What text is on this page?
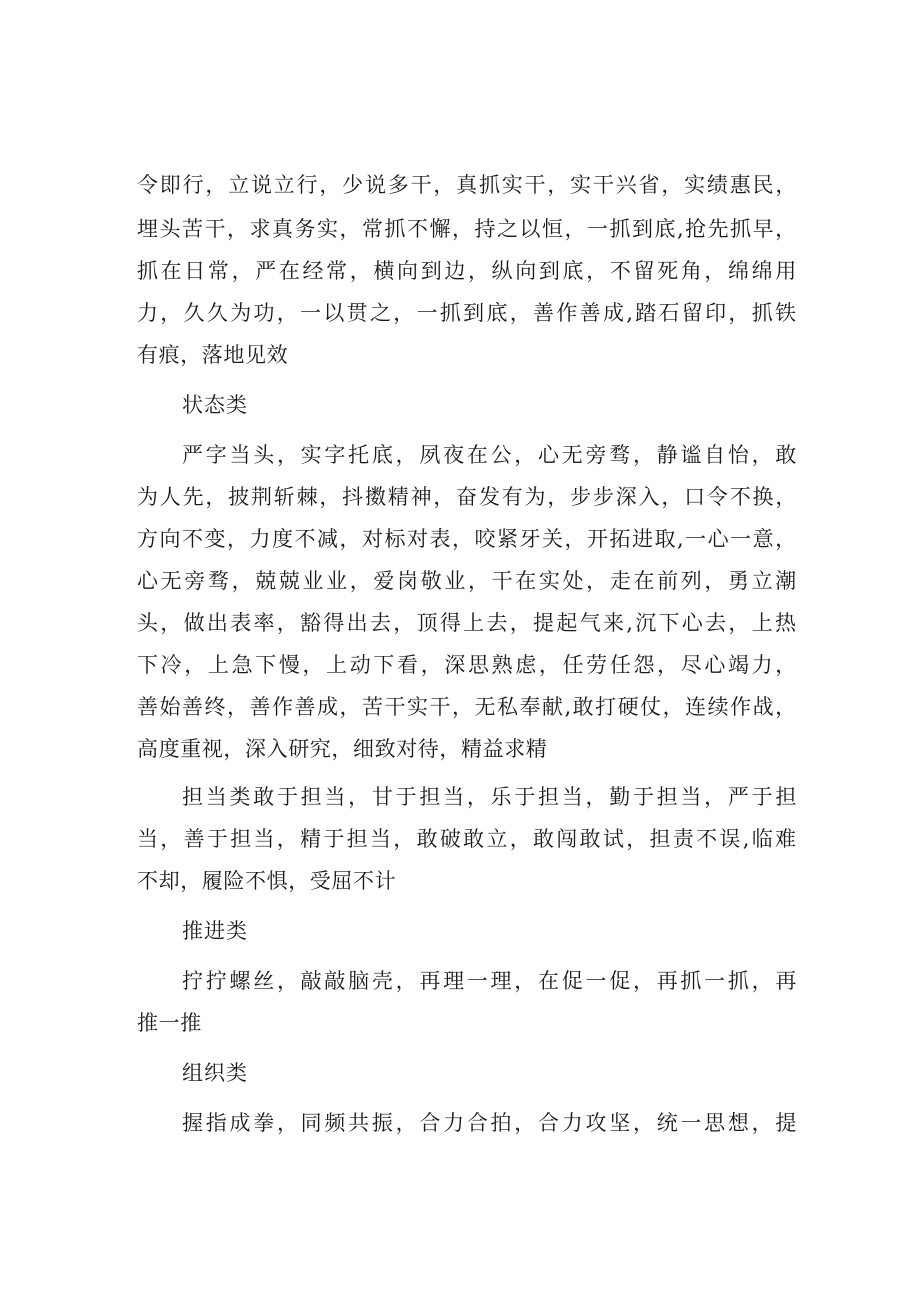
令 即 行 ， 立 说 立 行 ， 少 说 多 干 ， 真 抓 实 干 ， 实 干 兴 省 ， 实 绩 惠 民 ，
埋 头 苦 干 ， 求 真 务 实 ， 常 抓 不 懈 ， 持 之 以 恒 ， 一 抓 到 底 , 抢 先 抓 早 ，
抓 在 日 常 ， 严 在 经 常 ， 横 向 到 边 ， 纵 向 到 底 ， 不 留 死 角 ， 绵 绵 用
力 ， 久 久 为 功 ， 一 以 贯 之 ， 一 抓 到 底 ， 善 作 善 成 , 踏 石 留 印 ， 抓 铁
有痕，落地见效
状态类
严 字 当 头 ， 实 字 托 底 ， 夙 夜 在 公 ， 心 无 旁 骛 ， 静 谧 自 怡 ， 敢
为 人 先 ， 披 荆 斩 棘 ， 抖 擞 精 神 ， 奋 发 有 为 ， 步 步 深 入 ， 口 令 不 换 ，
方 向 不 变 ， 力 度 不 减 ， 对 标 对 表 ， 咬 紧 牙 关 ， 开 拓 进 取 , 一 心 一 意 ，
心 无 旁 骛 ， 兢 兢 业 业 ， 爱 岗 敬 业 ， 干 在 实 处 ， 走 在 前 列 ， 勇 立 潮
头 ， 做 出 表 率 ， 豁 得 出 去 ， 顶 得 上 去 ， 提 起 气 来 , 沉 下 心 去 ， 上 热
下 冷 ， 上 急 下 慢 ， 上 动 下 看 ， 深 思 熟 虑 ， 任 劳 任 怨 ， 尽 心 竭 力 ，
善 始 善 终 ， 善 作 善 成 ， 苦 干 实 干 ， 无 私 奉 献 , 敢 打 硬 仗 ， 连 续 作 战 ，
高度重视，深入研究，细致对待，精益求精
担 当 类 敢 于 担 当 ， 甘 于 担 当 ， 乐 于 担 当 ， 勤 于 担 当 ， 严 于 担
当 ， 善 于 担 当 ， 精 于 担 当 ， 敢 破 敢 立 ， 敢 闯 敢 试 ， 担 责 不 误 , 临 难
不却，履险不惧，受屈不计
推进类
拧 拧 螺 丝 ， 敲 敲 脑 壳 ， 再 理 一 理 ， 在 促 一 促 ， 再 抓 一 抓 ， 再
推一推
组织类
握 指 成 拳 ， 同 频 共 振 ， 合 力 合 拍 ， 合 力 攻 坚 ， 统 一 思 想 ， 提
